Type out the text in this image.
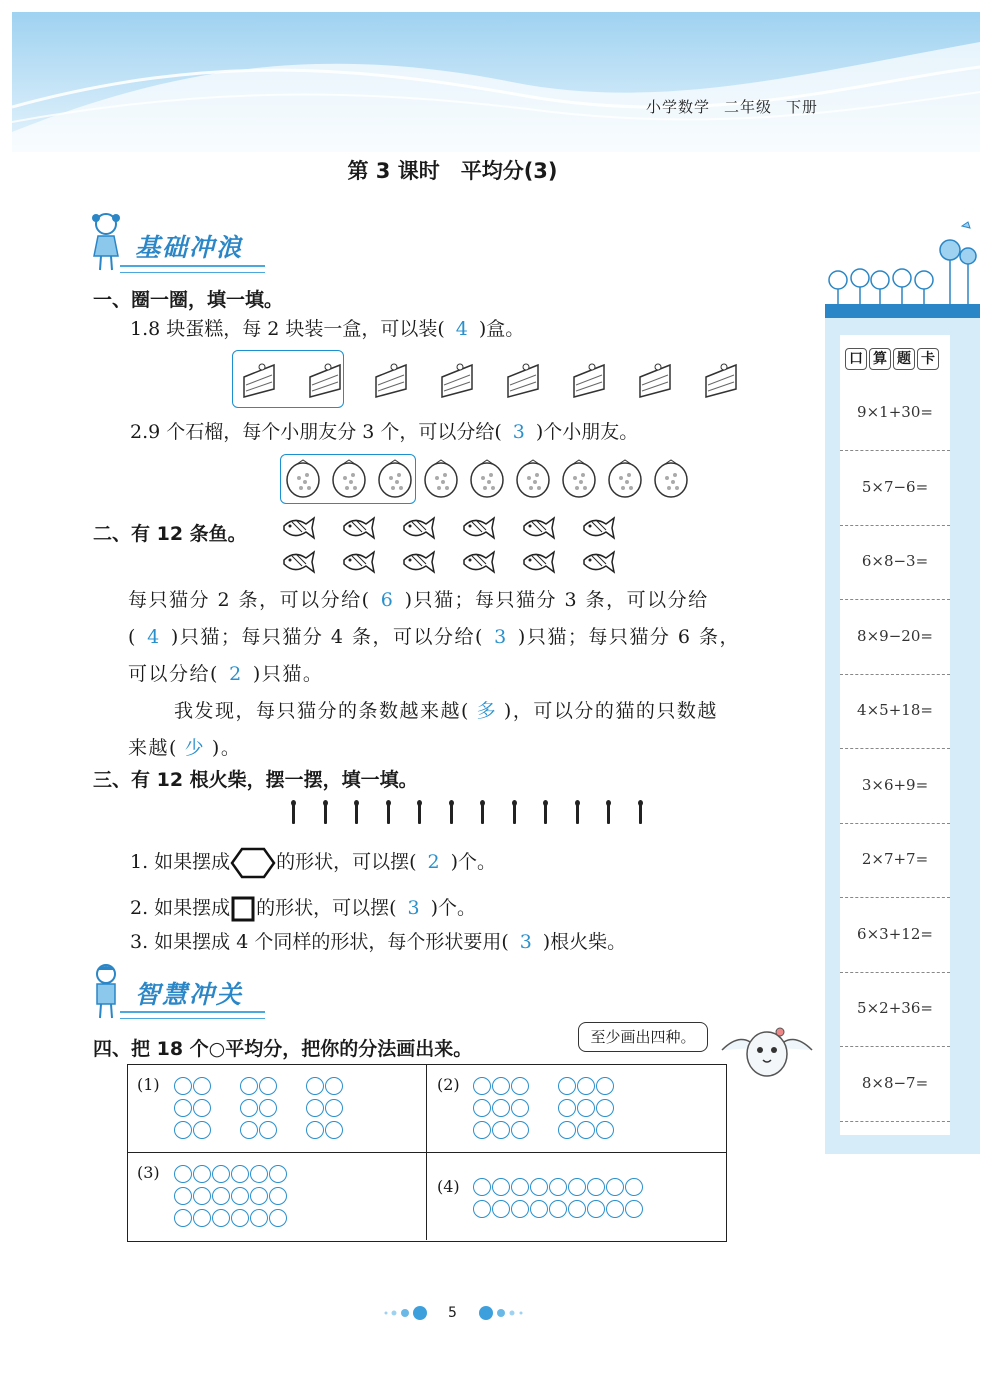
小学数学 二年级 下册
第 3 课时　平均分(3)
基础冲浪
一、圈一圈，填一填。
1.8 块蛋糕，每 2 块装一盒，可以装( 4 )盒。
2.9 个石榴，每个小朋友分 3 个，可以分给( 3 )个小朋友。
二、有 12 条鱼。
每只猫分 2 条，可以分给( 6 )只猫；每只猫分 3 条，可以分给
( 4 )只猫；每只猫分 4 条，可以分给( 3 )只猫；每只猫分 6 条，
可以分给( 2 )只猫。
我发现，每只猫分的条数越来越( 多 )，可以分的猫的只数越
来越( 少 )。
三、有 12 根火柴，摆一摆，填一填。
1. 如果摆成 的形状，可以摆( 2 )个。
2. 如果摆成 的形状，可以摆( 3 )个。
3. 如果摆成 4 个同样的形状，每个形状要用( 3 )根火柴。
智慧冲关
四、把 18 个○平均分，把你的分法画出来。
至少画出四种。
(1)	(2)
(3)
(4)
口 算 题 卡
9×1+30=
5×7−6=
6×8−3=
8×9−20=
4×5+18=
3×6+9=
2×7+7=
6×3+12=
5×2+36=
8×8−7=
5
